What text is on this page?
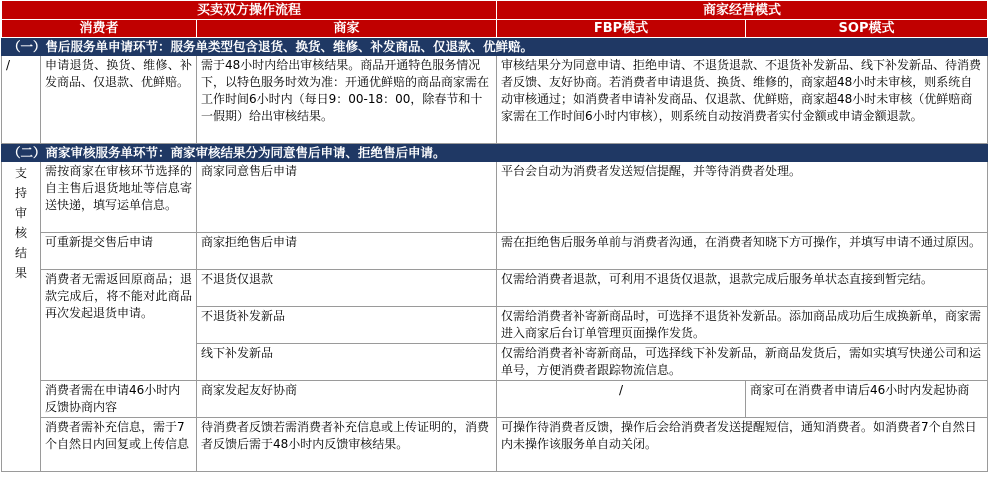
买卖双方操作流程			商家经营模式	
消费者		商家	FBP模式	SOP模式
（一）售后服务单申请环节：服务单类型包含退货、换货、维修、补发商品、仅退款、优鲜赔。				
/	申请退货、换货、维修、补发商品、仅退款、优鲜赔。	需于48小时内给出审核结果。商品开通特色服务情况下，以特色服务时效为准：开通优鲜赔的商品商家需在工作时间6小时内（每日9：00-18：00，除春节和十一假期）给出审核结果。	审核结果分为同意申请、拒绝申请、不退货退款、不退货补发新品、线下补发新品、待消费者反馈、友好协商。若消费者申请退货、换货、维修的，商家超48小时未审核，则系统自动审核通过；如消费者申请补发商品、仅退款、优鲜赔，商家超48小时未审核（优鲜赔商家需在工作时间6小时内审核），则系统自动按消费者实付金额或申请金额退款。	
（二）商家审核服务单环节：商家审核结果分为同意售后申请、拒绝售后申请。				
支持审核结果	需按商家在审核环节选择的自主售后退货地址等信息寄送快递，填写运单信息。	商家同意售后申请	平台会自动为消费者发送短信提醒，并等待消费者处理。	
	可重新提交售后申请	商家拒绝售后申请	需在拒绝售后服务单前与消费者沟通，在消费者知晓下方可操作，并填写申请不通过原因。	
	消费者无需返回原商品；退款完成后，将不能对此商品再次发起退货申请。	不退货仅退款	仅需给消费者退款，可利用不退货仅退款，退款完成后服务单状态直接到暂完结。	
		不退货补发新品	仅需给消费者补寄新商品时，可选择不退货补发新品。添加商品成功后生成换新单，商家需进入商家后台订单管理页面操作发货。	
		线下补发新品	仅需给消费者补寄新商品，可选择线下补发新品，新商品发货后，需如实填写快递公司和运单号，方便消费者跟踪物流信息。	
	消费者需在申请46小时内反馈协商内容	商家发起友好协商	/	商家可在消费者申请后46小时内发起协商
	消费者需补充信息，需于7个自然日内回复或上传信息	待消费者反馈若需消费者补充信息或上传证明的，消费者反馈后需于48小时内反馈审核结果。	可操作待消费者反馈，操作后会给消费者发送提醒短信，通知消费者。如消费者7个自然日内未操作该服务单自动关闭。	
